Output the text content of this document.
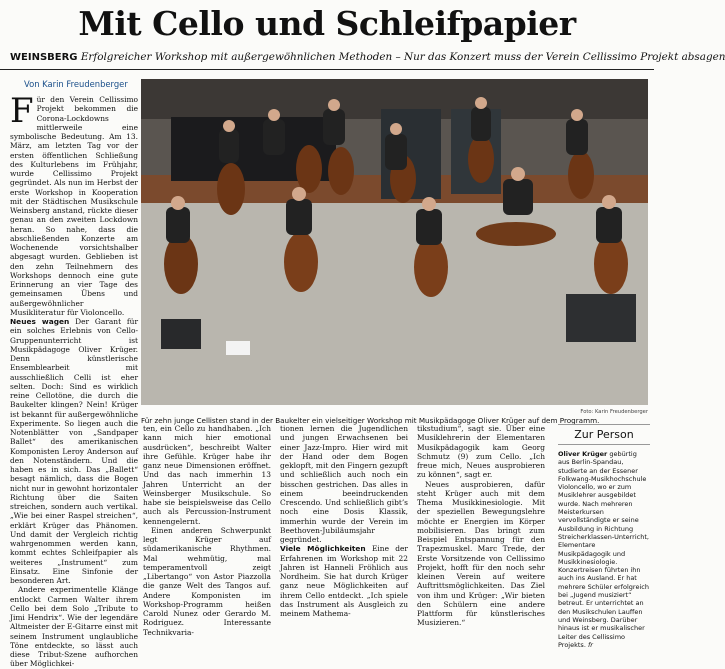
Mit Cello und Schleifpapier
WEINSBERG Erfolgreicher Workshop mit außergewöhnlichen Methoden – Nur das Konzert muss der Verein Cellissimo Projekt absagen
Von Karin Freudenberger

Für den Verein Cellissimo Projekt bekommen die Corona-Lockdowns mittlerweile eine symbolische Bedeutung. Am 13. März, am letzten Tag vor der ersten öffentlichen Schließung des Kulturlebens im Frühjahr, wurde Cellissimo Projekt gegründet. Als nun im Herbst der erste Workshop in Kooperation mit der Städtischen Musikschule Weinsberg anstand, rückte dieser genau an den zweiten Lockdown heran. So nahe, dass die abschließenden Konzerte am Wochenende vorsichtshalber abgesagt wurden. Geblieben ist den zehn Teilnehmern des Workshops dennoch eine gute Erinnerung an vier Tage des gemeinsamen Übens und außergewöhnlicher Musikliteratur für Violoncello.

Neues wagen Der Garant für ein solches Erlebnis von Cello-Gruppenunterricht ist Musikpädagoge Oliver Krüger. Denn künstlerische Ensemblearbeit mit ausschließlich Celli ist eher selten. Doch: Sind es wirklich reine Cellotöne, die durch die Baukelter klingen? Nein! Krüger ist bekannt für außergewöhnliche Experimente. So liegen auch die Notenblätter von „Sandpaper Ballet“ des amerikanischen Komponisten Leroy Anderson auf den Notenständern. Und die haben es in sich. Das „Ballett“ besagt nämlich, dass die Bogen nicht nur in gewohnt horizontaler Richtung über die Saiten streichen, sondern auch vertikal. „Wie bei einer Raspel streichen“, erklärt Krüger das Phänomen. Und damit der Vergleich richtig wahrgenommen werden kann, kommt echtes Schleifpapier als weiteres „Instrument“ zum Einsatz. Eine Sinfonie der besonderen Art.

Andere experimentelle Klänge entlockt Carmen Walter ihrem Cello bei dem Solo „Tribute to Jimi Hendrix“. Wie der legendäre Altmeister der E-Gitarre einst mit seinem Instrument unglaubliche Töne entdeckte, so lässt auch diese Tribut-Szene aufhorchen über Möglichkei-

Für zehn junge Cellisten stand in der Baukelter ein vielseitiger Workshop mit Musikpädagoge Oliver Krüger auf dem Programm.
Foto: Karin Freudenberger

ten, ein Cello zu handhaben. „Ich kann mich hier emotional ausdrücken“, beschreibt Walter ihre Gefühle. Krüger habe ihr ganz neue Dimensionen eröffnet. Und das nach immerhin 13 Jahren Unterricht an der Weinsberger Musikschule. So habe sie beispielsweise das Cello auch als Percussion-Instrument kennengelernt.

Einen anderen Schwerpunkt legt Krüger auf südamerikanische Rhythmen. Mal wehmütig, mal temperamentvoll zeigt „Libertango“ von Astor Piazzolla die ganze Welt des Tangos auf. Andere Komponisten im Workshop-Programm heißen Carold Nunez oder Gerardo M. Rodriguez. Interessante Technikvaria-

tionen lernen die Jugendlichen und jungen Erwachsenen bei einer Jazz-Impro. Hier wird mit der Hand oder dem Bogen geklopft, mit den Fingern gezupft und schließlich auch noch ein bisschen gestrichen. Das alles in einem beeindruckenden Crescendo. Und schließlich gibt’s noch eine Dosis Klassik, immerhin wurde der Verein im Beethoven-Jubiläumsjahr gegründet.

Viele Möglichkeiten Eine der Erfahrenen im Workshop mit 22 Jahren ist Hanneli Fröhlich aus Nordheim. Sie hat durch Krüger ganz neue Möglichkeiten auf ihrem Cello entdeckt. „Ich spiele das Instrument als Ausgleich zu meinem Mathema-

tikstudium“, sagt sie. Über eine Musiklehrerin der Elementaren Musikpädagogik kam Georg Schmutz (9) zum Cello. „Ich freue mich, Neues ausprobieren zu können“, sagt er.

Neues ausprobieren, dafür steht Krüger auch mit dem Thema Musikkinesiologie. Mit der speziellen Bewegungslehre möchte er Energien im Körper mobilisieren. Das bringt zum Beispiel Entspannung für den Trapezmuskel. Marc Trede, der Erste Vorsitzende von Cellissimo Projekt, hofft für den noch sehr kleinen Verein auf weitere Auftrittsmöglichkeiten. Das Ziel von ihm und Krüger: „Wir bieten den Schülern eine andere Plattform für künstlerisches Musizieren.“

Zur Person
Oliver Krüger gebürtig aus Berlin-Spandau, studierte an der Essener Folkwang-Musikhochschule Violoncello, wo er zum Musiklehrer ausgebildet wurde. Nach mehreren Meisterkursen vervollständigte er seine Ausbildung in Richtung Streicherklassen-Unterricht, Elementare Musikpädagogik und Musikkinesiologie. Konzertreisen führten ihn auch ins Ausland. Er hat mehrere Schüler erfolgreich bei „Jugend musiziert“ betreut. Er unterrichtet an den Musikschulen Lauffen und Weinsberg. Darüber hinaus ist er musikalischer Leiter des Cellissimo Projekts. fr
